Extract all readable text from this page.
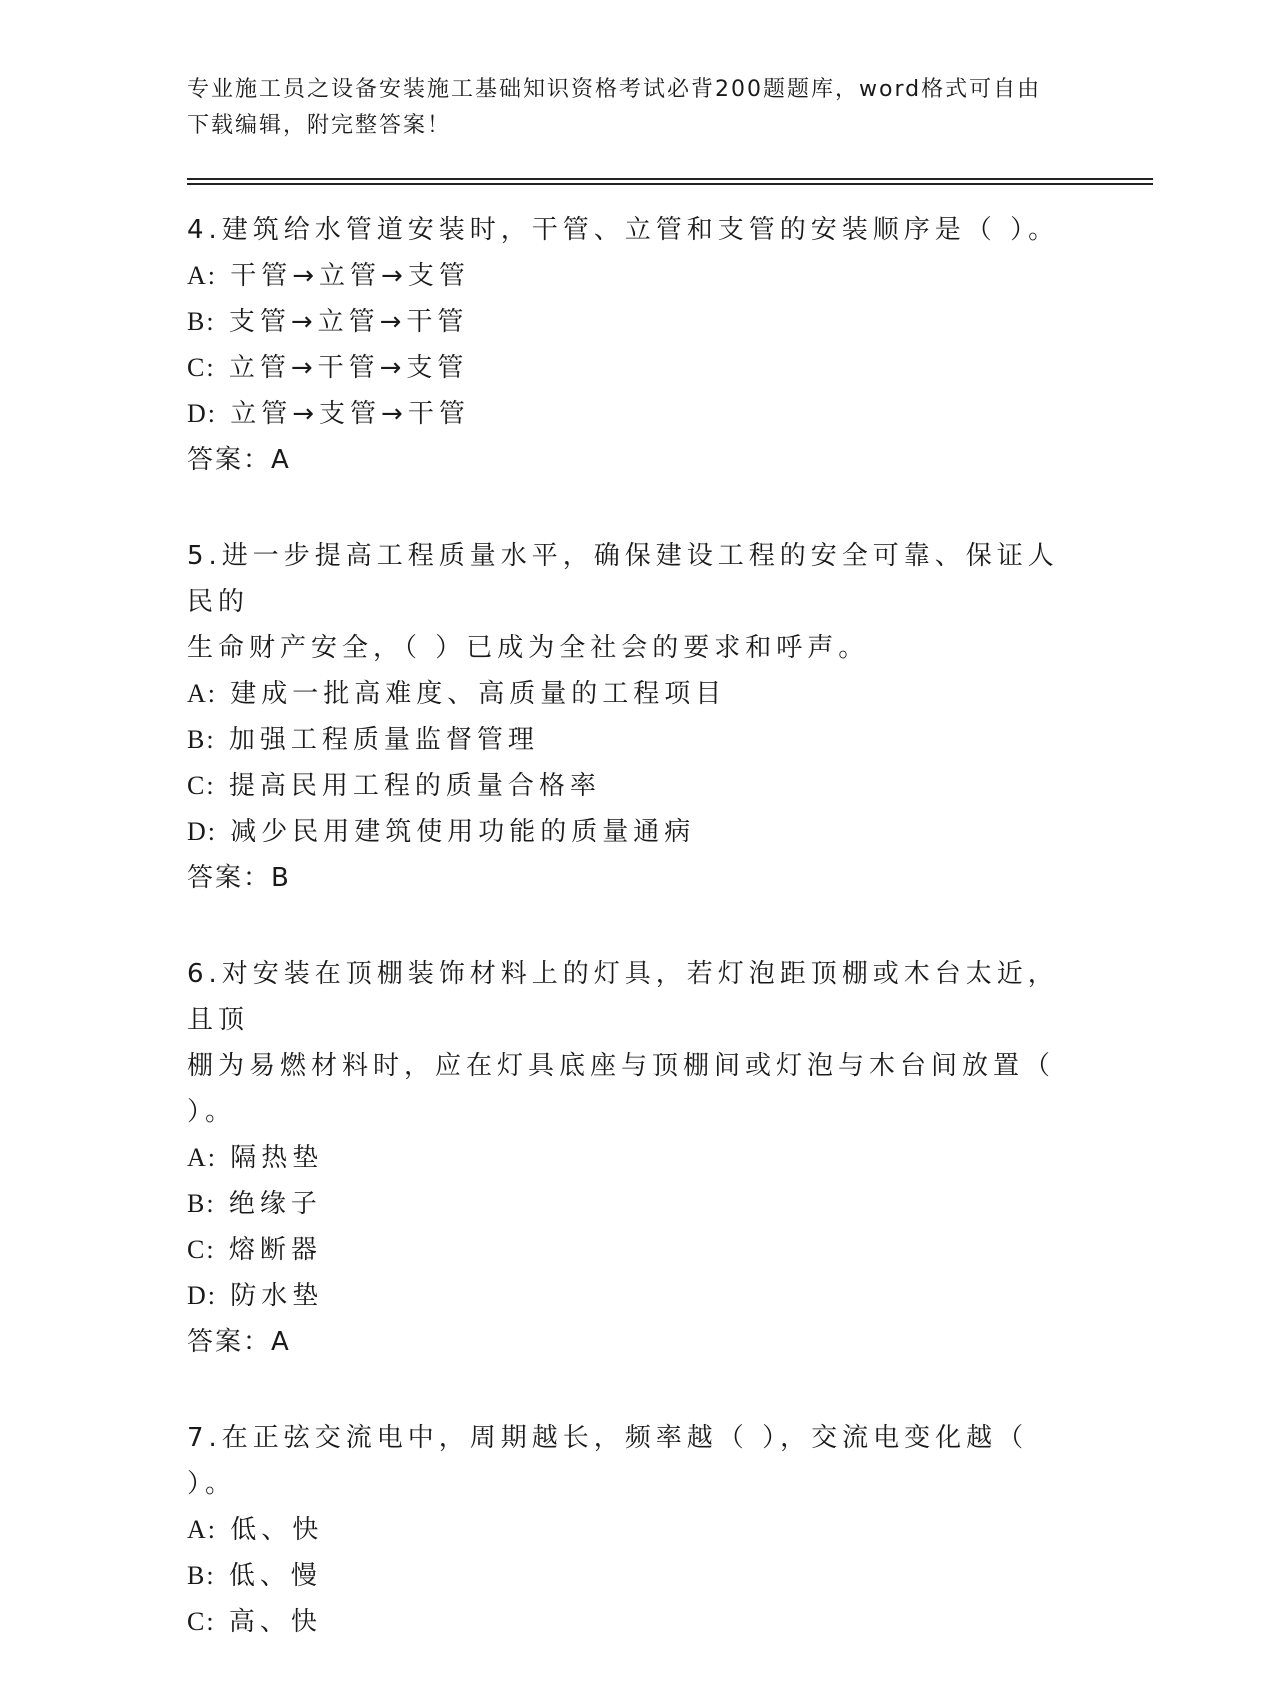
专业施工员之设备安装施工基础知识资格考试必背200题题库，word格式可自由
下载编辑，附完整答案！
4.建筑给水管道安装时，干管、立管和支管的安装顺序是（ ）。
A: 干管→立管→支管
B: 支管→立管→干管
C: 立管→干管→支管
D: 立管→支管→干管
答案：A
5.进一步提高工程质量水平，确保建设工程的安全可靠、保证人民的
生命财产安全，（ ）已成为全社会的要求和呼声。
A: 建成一批高难度、高质量的工程项目
B: 加强工程质量监督管理
C: 提高民用工程的质量合格率
D: 减少民用建筑使用功能的质量通病
答案：B
6.对安装在顶棚装饰材料上的灯具，若灯泡距顶棚或木台太近，且顶
棚为易燃材料时，应在灯具底座与顶棚间或灯泡与木台间放置（ ）。
A: 隔热垫
B: 绝缘子
C: 熔断器
D: 防水垫
答案：A
7.在正弦交流电中，周期越长，频率越（ ），交流电变化越（ ）。
A: 低、快
B: 低、慢
C: 高、快
